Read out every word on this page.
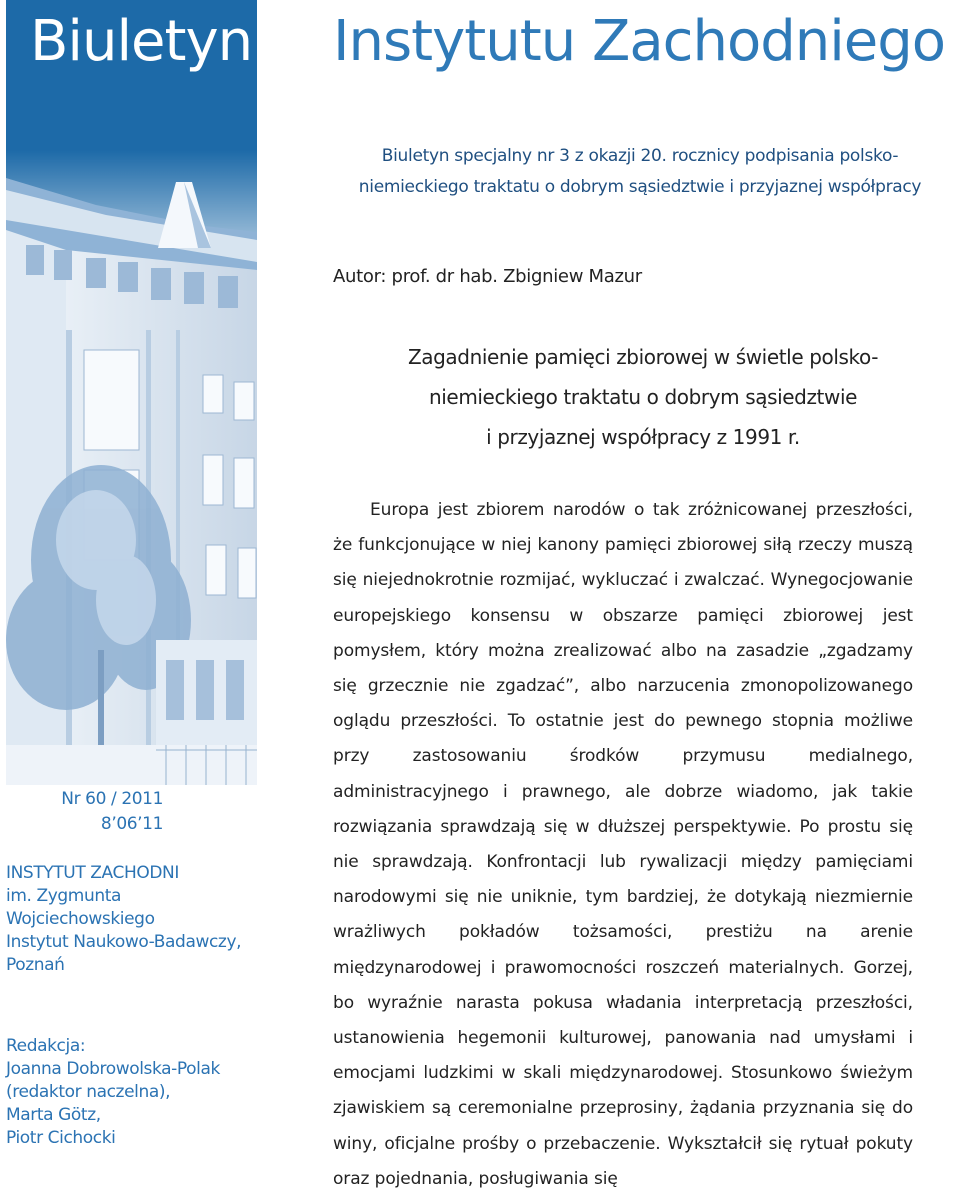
Biuletyn Instytutu Zachodniego
Biuletyn specjalny nr 3 z okazji 20. rocznicy podpisania polsko-
niemieckiego traktatu o dobrym sąsiedztwie i przyjaznej współpracy
Autor: prof. dr hab. Zbigniew Mazur
Zagadnienie pamięci zbiorowej w świetle polsko-
niemieckiego traktatu o dobrym sąsiedztwie
i przyjaznej współpracy z 1991 r.

Europa jest zbiorem narodów o tak zróżnicowanej przeszłości, że funkcjonujące w niej kanony pamięci zbiorowej siłą rzeczy muszą się niejednokrotnie rozmijać, wykluczać i zwalczać. Wynegocjowanie europejskiego konsensu w obszarze pamięci zbiorowej jest pomysłem, który można zrealizować albo na zasadzie „zgadzamy się grzecznie nie zgadzać”, albo narzucenia zmonopolizowanego oglądu przeszłości. To ostatnie jest do pewnego stopnia możliwe przy zastosowaniu środków przymusu medialnego, administracyjnego i prawnego, ale dobrze wiadomo, jak takie rozwiązania sprawdzają się w dłuższej perspektywie. Po prostu się nie sprawdzają. Konfrontacji lub rywalizacji między pamięciami narodowymi się nie uniknie, tym bardziej, że dotykają niezmiernie wrażliwych pokładów tożsamości, prestiżu na arenie międzynarodowej i prawomocności roszczeń materialnych. Gorzej, bo wyraźnie narasta pokusa władania interpretacją przeszłości, ustanowienia hegemonii kulturowej, panowania nad umysłami i emocjami ludzkimi w skali międzynarodowej. Stosunkowo świeżym zjawiskiem są ceremonialne przeprosiny, żądania przyznania się do winy, oficjalne prośby o przebaczenie. Wykształcił się rytuał pokuty oraz pojednania, posługiwania się

Nr 60 / 2011
8’06’11
INSTYTUT ZACHODNI
im. Zygmunta
Wojciechowskiego
Instytut Naukowo-Badawczy,
Poznań
Redakcja:
Joanna Dobrowolska-Polak
(redaktor naczelna),
Marta Götz,
Piotr Cichocki
